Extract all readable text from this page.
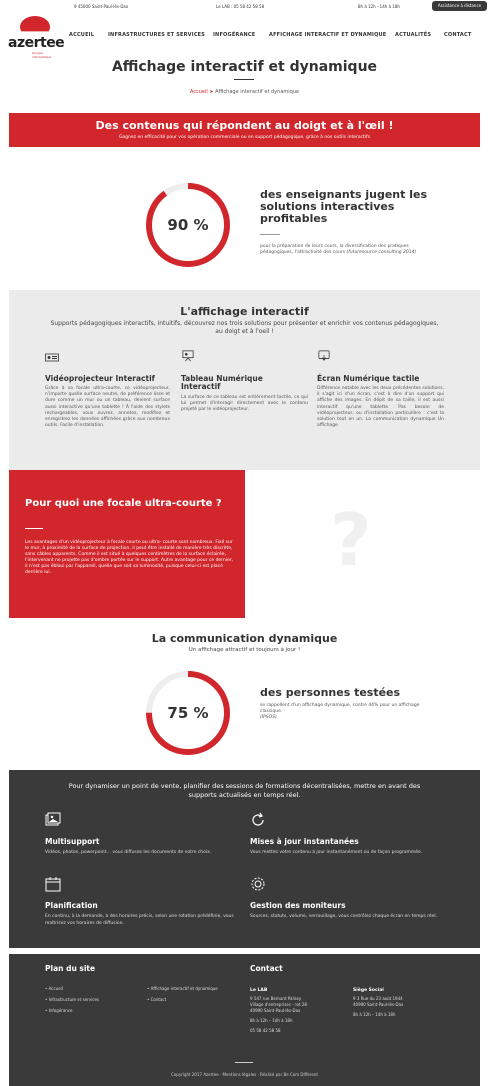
9 45000 Saint-Paul-lès-Dax	Le LAB : 05 58 42 58 58	8h à 12h - 14h à 18h	Assistance à distance
azertee
Groupe informatique
ACCUEIL	INFRASTRUCTURES ET SERVICES INFOGÉRANCE	AFFICHAGE INTERACTIF ET DYNAMIQUE ACTUALITÉS	CONTACT
Affichage interactif et dynamique
Accueil ➤ Affichage interactif et dynamique
Des contenus qui répondent au doigt et à l'œil !

Gagnez en efficacité pour vos opération commerciale ou en support pédagogique, grâce à nos outils interactifs

90 %
des enseignants jugent les solutions interactives profitables
pour la préparation de leurs cours, la diversification des pratiques pédagogiques, l'attractivité des cours (futuresource consulting 2014)
L'affichage interactif
Supports pédagogiques interactifs, intuitifs, découvrez nos trois solutions pour présenter et enrichir vos contenus pédagogiques, au doigt et à l'oeil !
Vidéoprojecteur Interactif
Grâce à sa focale ultra-courte, ce vidéoprojecteur, n'importe quelle surface neutre, de préférence lisse et dure comme un mur ou un tableau, devient surface aussi interactive qu'une tablette ! À l'aide des stylets rechargeables, vous ouvrez, annotez, modifiez et enregistrez les données affichées grâce aux nombreux outils. Facile d'installation.
Tableau Numérique Interactif
La surface de ce tableau est entièrement tactile, ce qui lui permet d'interagir directement avec le contenu projeté par le vidéoprojecteur.
Écran Numérique tactile
Différence notable avec les deux précédentes solutions, il s'agit ici d'un écran, c'est à dire d'un support qui affiche des images. En dépit de sa taille, il est aussi interactif qu'une tablette. Pas besoin de vidéoprojecteur, ou d'installation particulière : c'est la solution tout en un. La communication dynamique Un affichage
Pour quoi une focale ultra-courte ?

Les avantages d'un vidéoprojecteur à focale courte ou ultra- courte sont nombreux. Fixé sur le mur, à proximité de la surface de projection, il peut être installé de manière très discrète, sans câbles apparents. Comme il est situé à quelques centimètres de la surface éclairée, l'intervenant ne projette pas d'ombre portée sur le support. Autre avantage pour ce dernier, il n'est pas ébloui par l'appareil, quelle que soit sa luminosité, puisque celui-ci est placé derrière lui.	?
La communication dynamique
Un affichage attractif et toujours à jour !
75 %
des personnes testées
se rappellent d'un affichage dynamique, contre 44% pour un affichage classique.
(IPSOS)
Pour dynamiser un point de vente, planifier des sessions de formations décentralisées, mettre en avant des supports actualisés en temps réel.
Multisupport
Vidéos, photos, powerpoint… vous diffusez les documents de votre choix.
Mises à jour instantanées
Vous mettez votre contenu à jour instantanément ou de façon programmée.
Planification
En continu, à la demande, à des horaires précis, selon une rotation prédéfinie, vous maîtrisez vos horaires de diffusion.
Gestion des moniteurs
Sources, statuts, volume, verrouillage, vous contrôlez chaque écran en temps réel.
Plan du site
• Accueil
• Infrastructure et services
• Infogérance
• Affichage interactif et dynamique
• Contact
Contact
Le LAB
9 547 rue Bernard Palissy
Village d'entreprises – lot 28
40990 Saint-Paul-lès-Dax
8h à 12h – 14h à 18h
05 58 42 58 58
Siège Social
9 3 Rue du 23 août 1944
40990 Saint-Paul-lès-Dax
8h à 12h – 14h à 18h
Copyright 2017 Azertee · Mentions légales · Réalisé par Be Com Different
